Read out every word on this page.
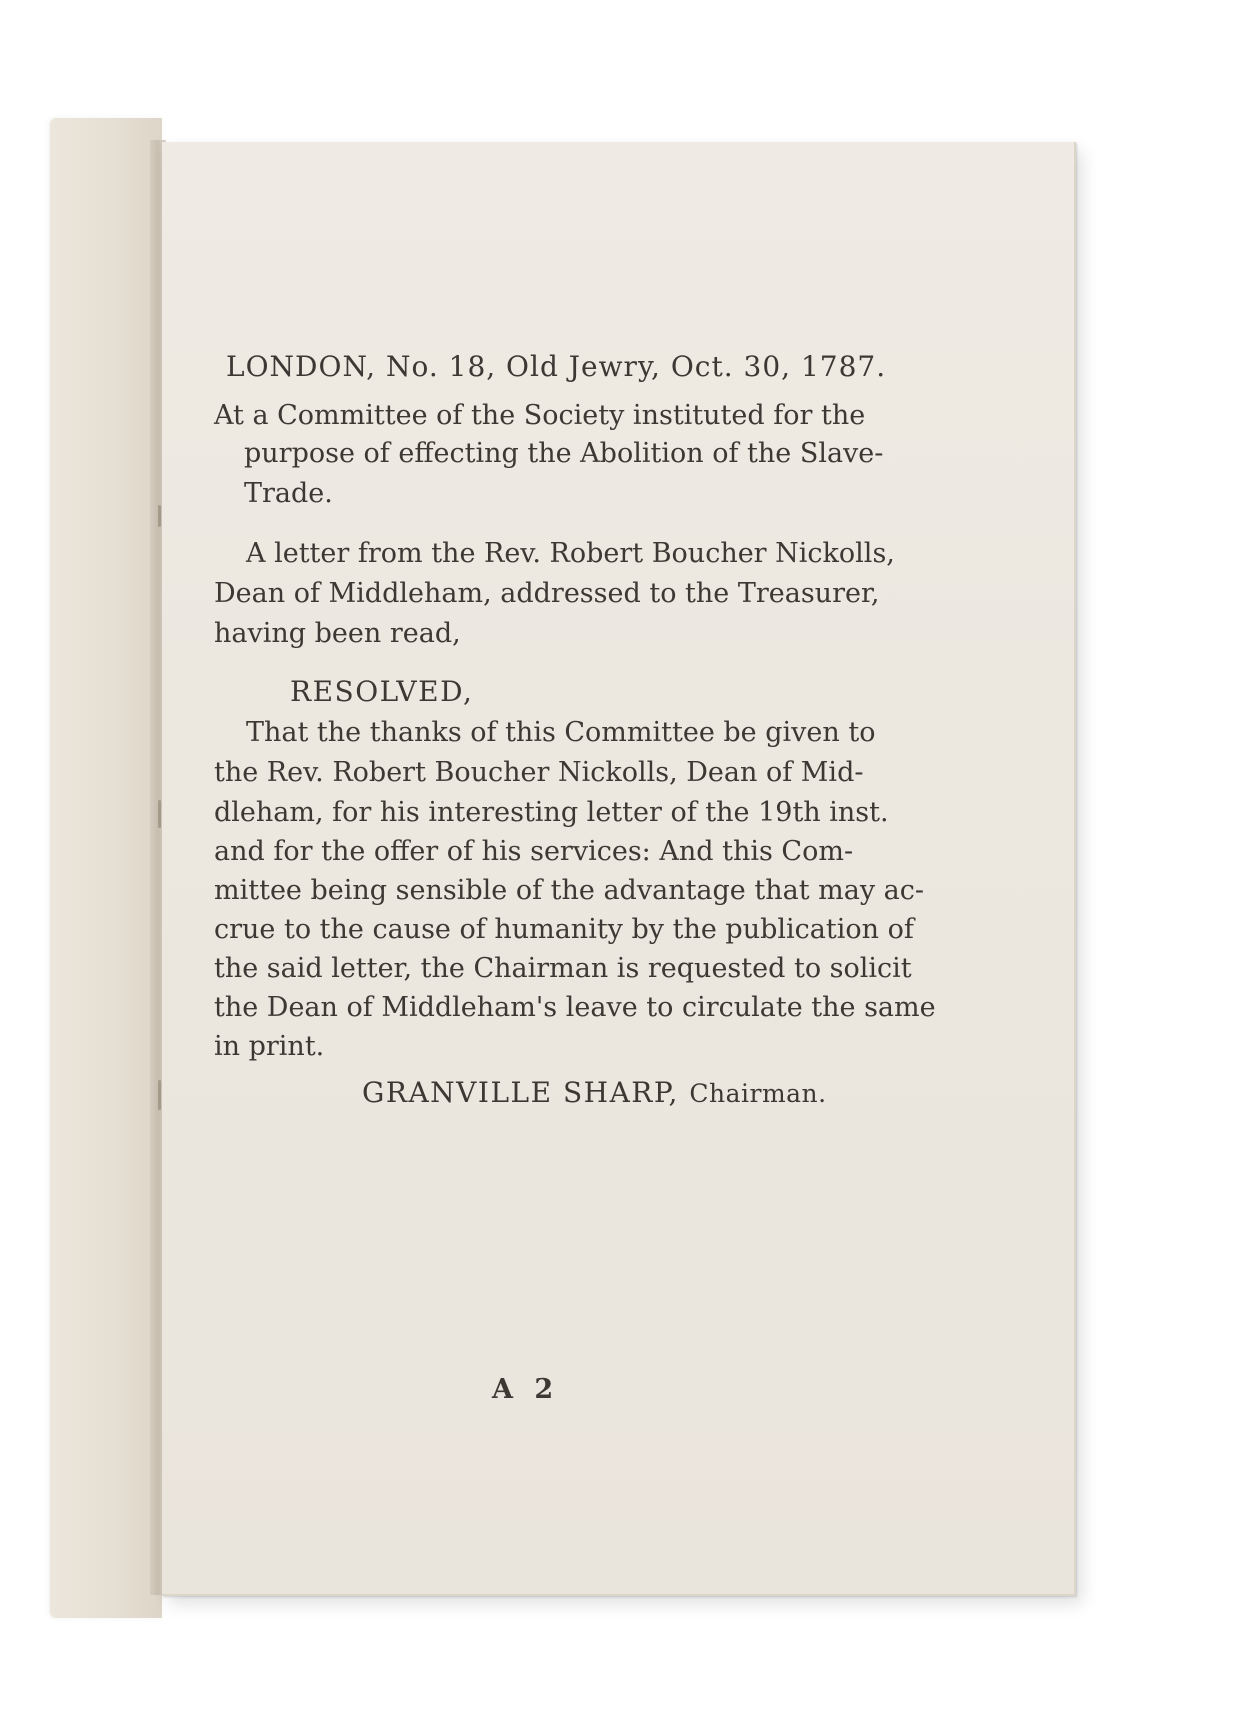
LONDON, No. 18, Old Jewry, Oct. 30, 1787.
At a Committee of the Society instituted for the
purpose of effecting the Abolition of the Slave-
Trade.
A letter from the Rev. Robert Boucher Nickolls,
Dean of Middleham, addressed to the Treasurer,
having been read,
RESOLVED,
That the thanks of this Committee be given to
the Rev. Robert Boucher Nickolls, Dean of Mid-
dleham, for his interesting letter of the 19th inst.
and for the offer of his services: And this Com-
mittee being sensible of the advantage that may ac-
crue to the cause of humanity by the publication of
the said letter, the Chairman is requested to solicit
the Dean of Middleham's leave to circulate the same
in print.
GRANVILLE SHARP, Chairman.
A 2
